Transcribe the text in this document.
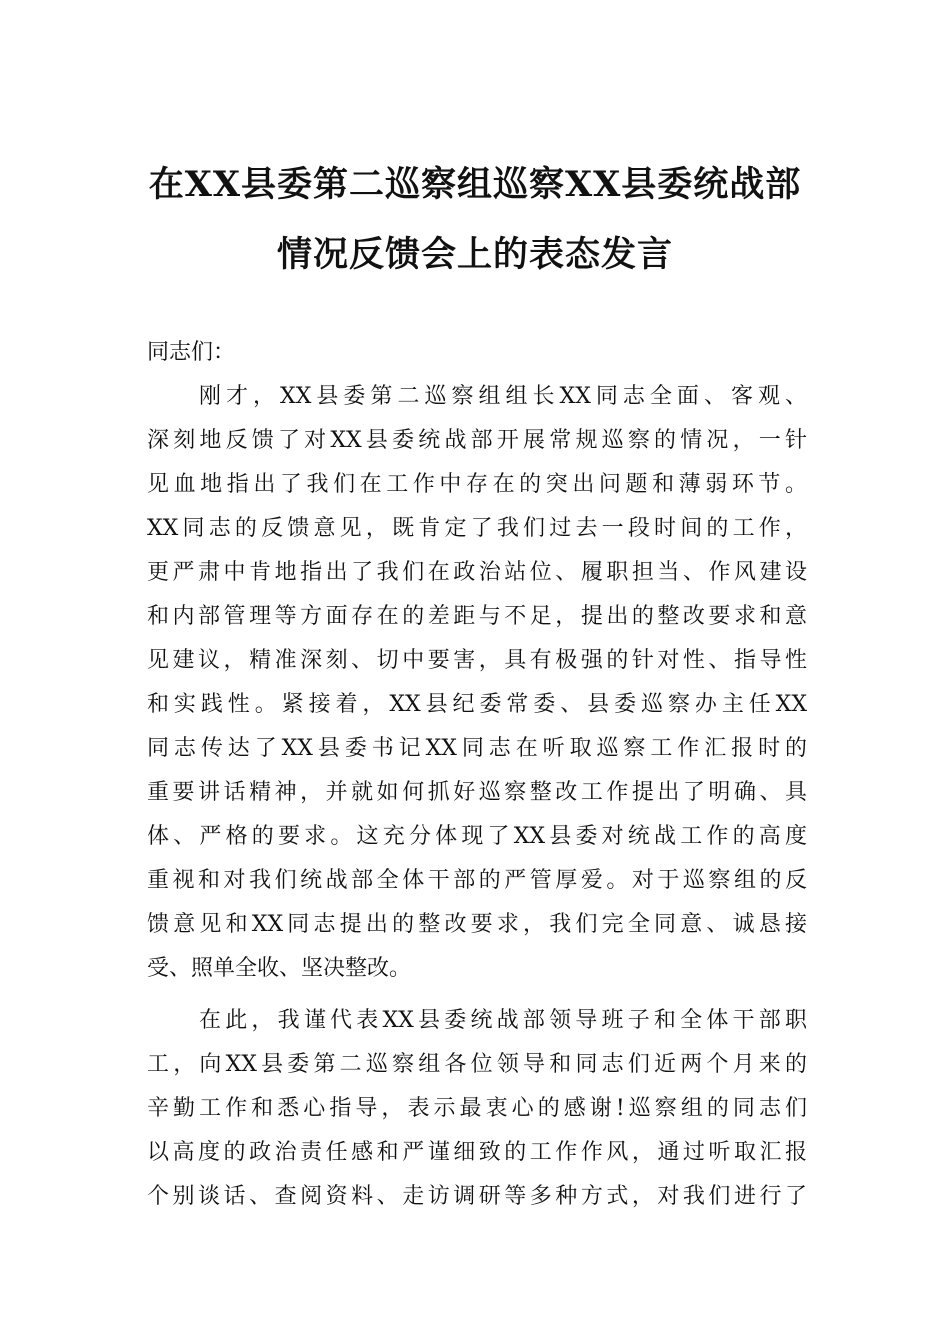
在XX县委第二巡察组巡察XX县委统战部
情况反馈会上的表态发言
同志们：
刚才，XX县委第二巡察组组长XX同志全面、客观、
深刻地反馈了对XX县委统战部开展常规巡察的情况，一针
见血地指出了我们在工作中存在的突出问题和薄弱环节。
XX同志的反馈意见，既肯定了我们过去一段时间的工作，
更严肃中肯地指出了我们在政治站位、履职担当、作风建设
和内部管理等方面存在的差距与不足，提出的整改要求和意
见建议，精准深刻、切中要害，具有极强的针对性、指导性
和实践性。紧接着，XX县纪委常委、县委巡察办主任XX
同志传达了XX县委书记XX同志在听取巡察工作汇报时的
重要讲话精神，并就如何抓好巡察整改工作提出了明确、具
体、严格的要求。这充分体现了XX县委对统战工作的高度
重视和对我们统战部全体干部的严管厚爱。对于巡察组的反
馈意见和XX同志提出的整改要求，我们完全同意、诚恳接
受、照单全收、坚决整改。
在此，我谨代表XX县委统战部领导班子和全体干部职
工，向XX县委第二巡察组各位领导和同志们近两个月来的
辛勤工作和悉心指导，表示最衷心的感谢!巡察组的同志们
以高度的政治责任感和严谨细致的工作作风，通过听取汇报
个别谈话、查阅资料、走访调研等多种方式，对我们进行了
